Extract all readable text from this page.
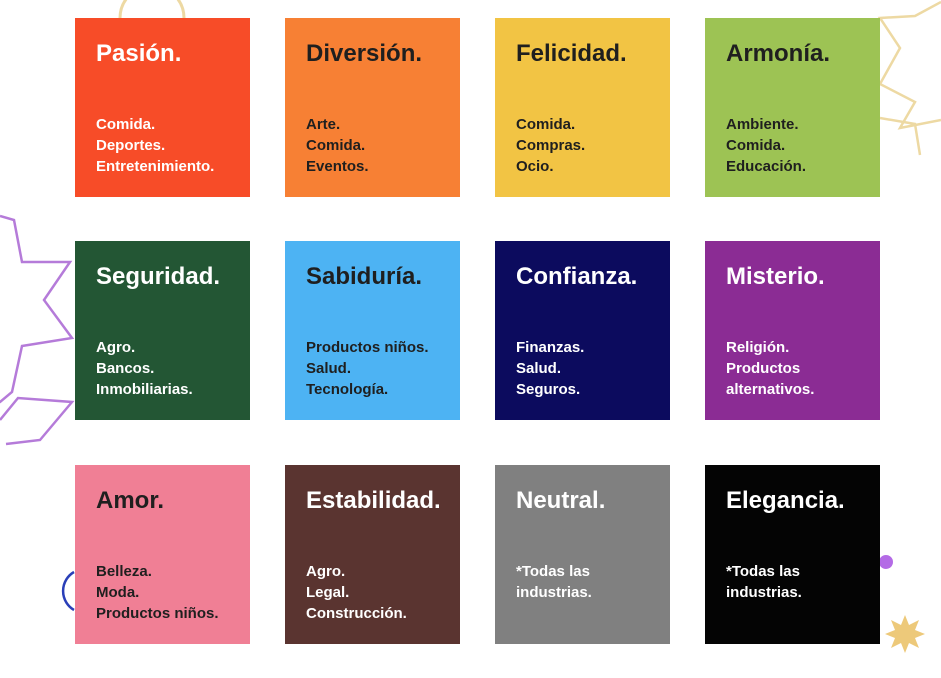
Pasión.
Comida.
Deportes.
Entretenimiento.
Diversión.
Arte.
Comida.
Eventos.
Felicidad.
Comida.
Compras.
Ocio.
Armonía.
Ambiente.
Comida.
Educación.
Seguridad.
Agro.
Bancos.
Inmobiliarias.
Sabiduría.
Productos niños.
Salud.
Tecnología.
Confianza.
Finanzas.
Salud.
Seguros.
Misterio.
Religión.
Productos alternativos.
Amor.
Belleza.
Moda.
Productos niños.
Estabilidad.
Agro.
Legal.
Construcción.
Neutral.
*Todas las industrias.
Elegancia.
*Todas las industrias.
